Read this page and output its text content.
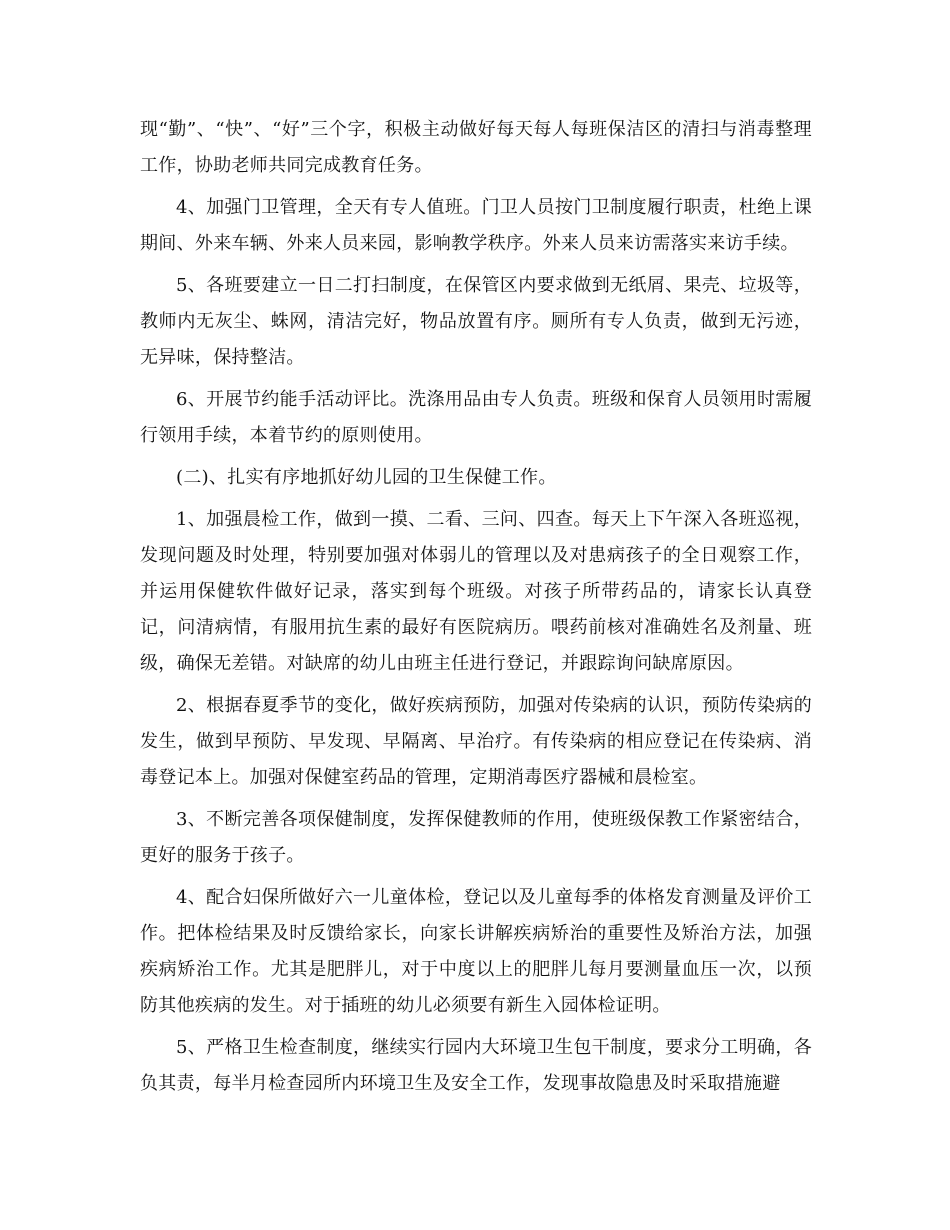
现“勤”、“快”、“好”三个字，积极主动做好每天每人每班保洁区的清扫与消毒整理工作，协助老师共同完成教育任务。

4、加强门卫管理，全天有专人值班。门卫人员按门卫制度履行职责，杜绝上课期间、外来车辆、外来人员来园，影响教学秩序。外来人员来访需落实来访手续。

5、各班要建立一日二打扫制度，在保管区内要求做到无纸屑、果壳、垃圾等，教师内无灰尘、蛛网，清洁完好，物品放置有序。厕所有专人负责，做到无污迹，无异味，保持整洁。

6、开展节约能手活动评比。洗涤用品由专人负责。班级和保育人员领用时需履行领用手续，本着节约的原则使用。

(二)、扎实有序地抓好幼儿园的卫生保健工作。

1、加强晨检工作，做到一摸、二看、三问、四查。每天上下午深入各班巡视，发现问题及时处理，特别要加强对体弱儿的管理以及对患病孩子的全日观察工作，并运用保健软件做好记录，落实到每个班级。对孩子所带药品的，请家长认真登记，问清病情，有服用抗生素的最好有医院病历。喂药前核对准确姓名及剂量、班级，确保无差错。对缺席的幼儿由班主任进行登记，并跟踪询问缺席原因。

2、根据春夏季节的变化，做好疾病预防，加强对传染病的认识，预防传染病的发生，做到早预防、早发现、早隔离、早治疗。有传染病的相应登记在传染病、消毒登记本上。加强对保健室药品的管理，定期消毒医疗器械和晨检室。

3、不断完善各项保健制度，发挥保健教师的作用，使班级保教工作紧密结合，更好的服务于孩子。

4、配合妇保所做好六一儿童体检，登记以及儿童每季的体格发育测量及评价工作。把体检结果及时反馈给家长，向家长讲解疾病矫治的重要性及矫治方法，加强疾病矫治工作。尤其是肥胖儿，对于中度以上的肥胖儿每月要测量血压一次，以预防其他疾病的发生。对于插班的幼儿必须要有新生入园体检证明。

5、严格卫生检查制度，继续实行园内大环境卫生包干制度，要求分工明确，各负其责，每半月检查园所内环境卫生及安全工作，发现事故隐患及时采取措施避
